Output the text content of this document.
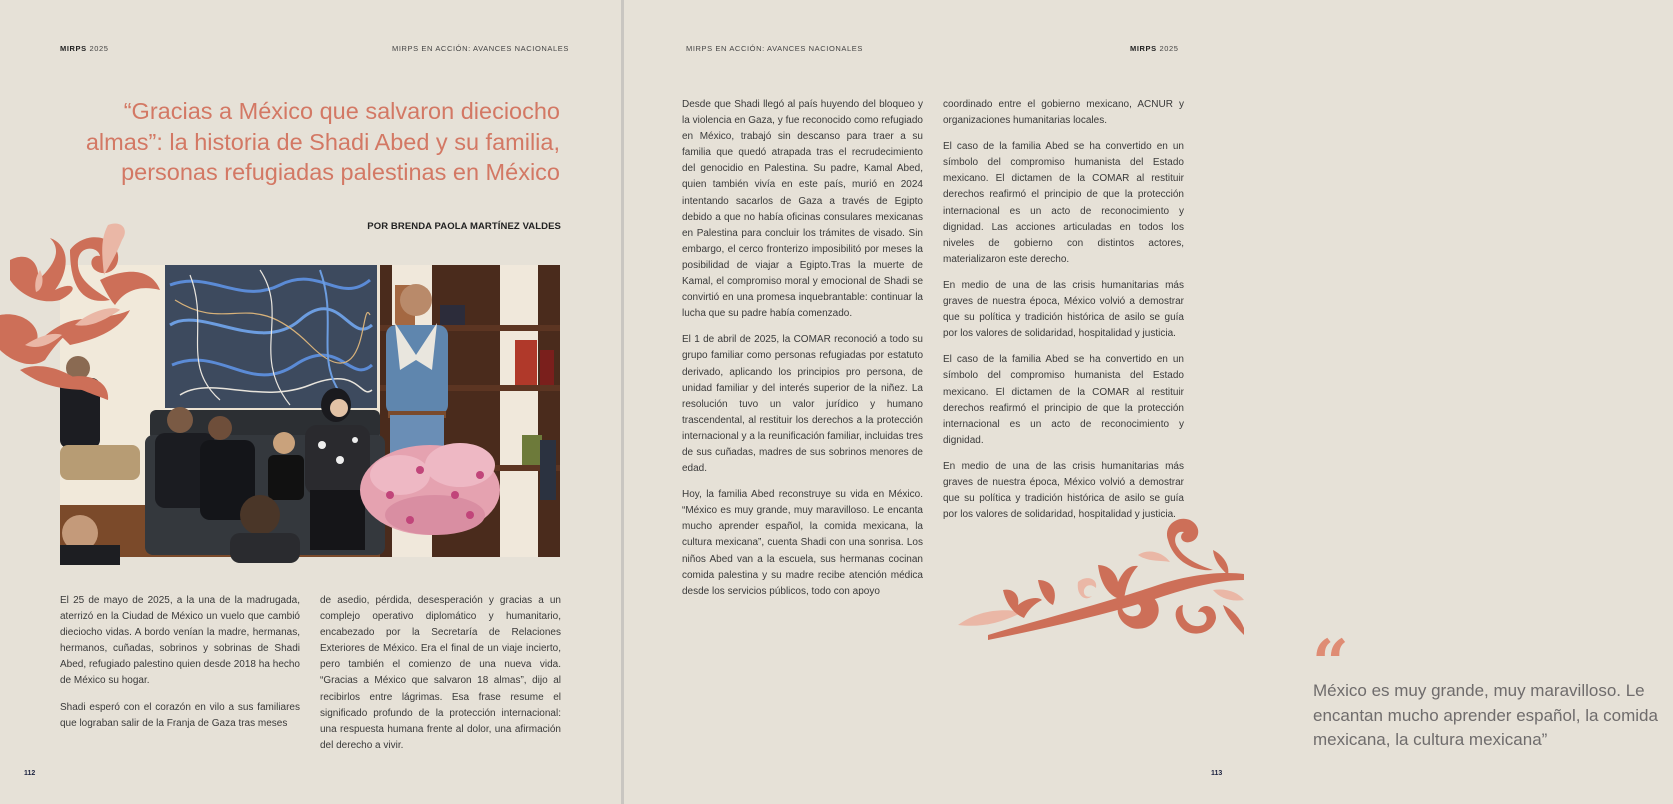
MIRPS 2025	MIRPS EN ACCIÓN: AVANCES NACIONALES
“Gracias a México que salvaron dieciocho almas”: la historia de Shadi Abed y su familia, personas refugiadas palestinas en México
POR BRENDA PAOLA MARTÍNEZ VALDES

El 25 de mayo de 2025, a la una de la madrugada, aterrizó en la Ciudad de México un vuelo que cambió dieciocho vidas. A bordo venían la madre, hermanas, hermanos, cuñadas, sobrinos y sobrinas de Shadi Abed, refugiado palestino quien desde 2018 ha hecho de México su hogar.

Shadi esperó con el corazón en vilo a sus familiares que lograban salir de la Franja de Gaza tras meses

de asedio, pérdida, desesperación y gracias a un complejo operativo diplomático y humanitario, encabezado por la Secretaría de Relaciones Exteriores de México. Era el final de un viaje incierto, pero también el comienzo de una nueva vida. “Gracias a México que salvaron 18 almas”, dijo al recibirlos entre lágrimas. Esa frase resume el significado profundo de la protección internacional: una respuesta humana frente al dolor, una afirmación del derecho a vivir.

112
MIRPS EN ACCIÓN: AVANCES NACIONALES	MIRPS 2025

Desde que Shadi llegó al país huyendo del bloqueo y la violencia en Gaza, y fue reconocido como refugiado en México, trabajó sin descanso para traer a su familia que quedó atrapada tras el recrudecimiento del genocidio en Palestina. Su padre, Kamal Abed, quien también vivía en este país, murió en 2024 intentando sacarlos de Gaza a través de Egipto debido a que no había oficinas consulares mexicanas en Palestina para concluir los trámites de visado. Sin embargo, el cerco fronterizo imposibilitó por meses la posibilidad de viajar a Egipto.Tras la muerte de Kamal, el compromiso moral y emocional de Shadi se convirtió en una promesa inquebrantable: continuar la lucha que su padre había comenzado.

El 1 de abril de 2025, la COMAR reconoció a todo su grupo familiar como personas refugiadas por estatuto derivado, aplicando los principios pro persona, de unidad familiar y del interés superior de la niñez. La resolución tuvo un valor jurídico y humano trascendental, al restituir los derechos a la protección internacional y a la reunificación familiar, incluidas tres de sus cuñadas, madres de sus sobrinos menores de edad.

Hoy, la familia Abed reconstruye su vida en México. “México es muy grande, muy maravilloso. Le encanta mucho aprender español, la comida mexicana, la cultura mexicana”, cuenta Shadi con una sonrisa. Los niños Abed van a la escuela, sus hermanas cocinan comida palestina y su madre recibe atención médica desde los servicios públicos, todo con apoyo

coordinado entre el gobierno mexicano, ACNUR y organizaciones humanitarias locales.

El caso de la familia Abed se ha convertido en un símbolo del compromiso humanista del Estado mexicano. El dictamen de la COMAR al restituir derechos reafirmó el principio de que la protección internacional es un acto de reconocimiento y dignidad. Las acciones articuladas en todos los niveles de gobierno con distintos actores, materializaron este derecho.

En medio de una de las crisis humanitarias más graves de nuestra época, México volvió a demostrar que su política y tradición histórica de asilo se guía por los valores de solidaridad, hospitalidad y justicia.

El caso de la familia Abed se ha convertido en un símbolo del compromiso humanista del Estado mexicano. El dictamen de la COMAR al restituir derechos reafirmó el principio de que la protección internacional es un acto de reconocimiento y dignidad.

En medio de una de las crisis humanitarias más graves de nuestra época, México volvió a demostrar que su política y tradición histórica de asilo se guía por los valores de solidaridad, hospitalidad y justicia.

“
México es muy grande, muy maravilloso. Le encantan mucho aprender español, la comida mexicana, la cultura mexicana”
113
